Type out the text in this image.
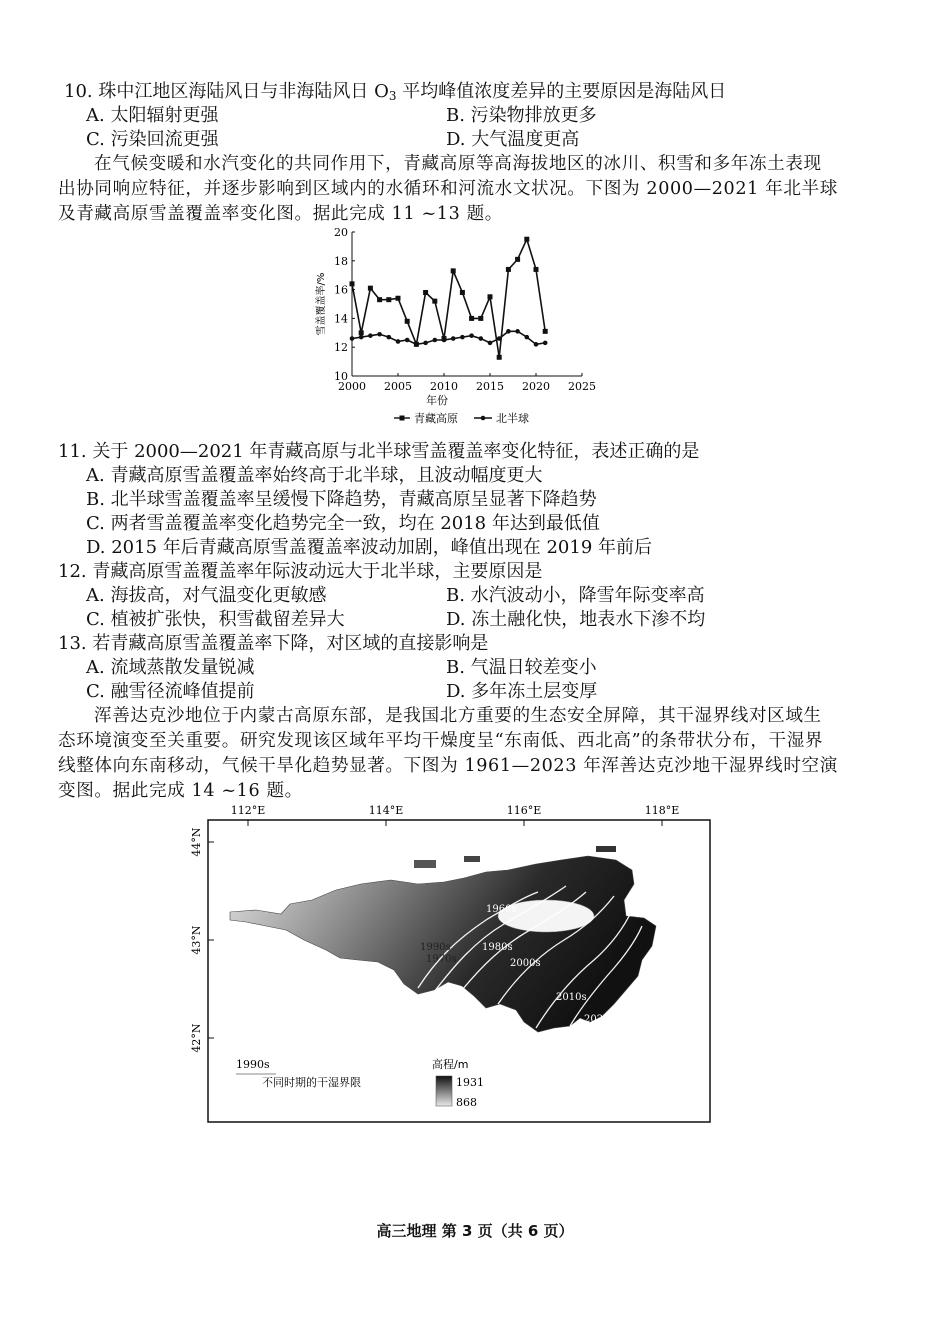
10. 珠中江地区海陆风日与非海陆风日 $O_3$ 平均峰值浓度差异的主要原因是海陆风日
A. 太阳辐射更强	B. 污染物排放更多
C. 污染回流更强	D. 大气温度更高
在气候变暖和水汽变化的共同作用下，青藏高原等高海拔地区的冰川、积雪和多年冻土表现
出协同响应特征，并逐步影响到区域内的水循环和河流水文状况。下图为 2000—2021 年北半球
及青藏高原雪盖覆盖率变化图。据此完成 11 ~13 题。
2000 2005 2010 2015 2020 2025
10
12
14
16
18
20
年份
雪盖覆盖率/%
青藏高原	北半球
11. 关于 2000—2021 年青藏高原与北半球雪盖覆盖率变化特征，表述正确的是
A. 青藏高原雪盖覆盖率始终高于北半球，且波动幅度更大
B. 北半球雪盖覆盖率呈缓慢下降趋势，青藏高原呈显著下降趋势
C. 两者雪盖覆盖率变化趋势完全一致，均在 2018 年达到最低值
D. 2015 年后青藏高原雪盖覆盖率波动加剧，峰值出现在 2019 年前后
12. 青藏高原雪盖覆盖率年际波动远大于北半球，主要原因是
A. 海拔高，对气温变化更敏感	B. 水汽波动小，降雪年际变率高
C. 植被扩张快，积雪截留差异大	D. 冻土融化快，地表水下渗不均
13. 若青藏高原雪盖覆盖率下降，对区域的直接影响是
A. 流域蒸散发量锐减	B. 气温日较差变小
C. 融雪径流峰值提前	D. 多年冻土层变厚
浑善达克沙地位于内蒙古高原东部，是我国北方重要的生态安全屏障，其干湿界线对区域生
态环境演变至关重要。研究发现该区域年平均干燥度呈“东南低、西北高”的条带状分布，干湿界
线整体向东南移动，气候干旱化趋势显著。下图为 1961—2023 年浑善达克沙地干湿界线时空演
变图。据此完成 14 ~16 题。
112°E	114°E	116°E	118°E
44°N
43°N
42°N
1960s
1970s
1980s
1990s
2000s
2010s
2020s
1990s
不同时期的干湿界限
高程/m
1931
868
高三地理 第 3 页（共 6 页）
